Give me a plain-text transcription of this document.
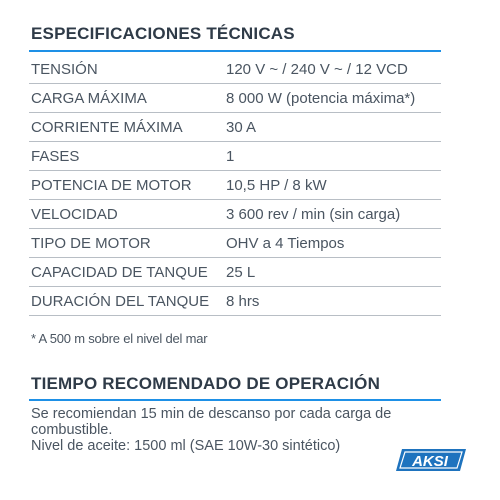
ESPECIFICACIONES TÉCNICAS
TENSIÓN	120 V ~ / 240 V ~ / 12 VCD
CARGA MÁXIMA	8 000 W (potencia máxima*)
CORRIENTE MÁXIMA	30 A
FASES	1
POTENCIA DE MOTOR	10,5 HP / 8 kW
VELOCIDAD	3 600 rev / min (sin carga)
TIPO DE MOTOR	OHV a 4 Tiempos
CAPACIDAD DE TANQUE	25 L
DURACIÓN DEL TANQUE	8 hrs
* A 500 m sobre el nivel del mar
TIEMPO RECOMENDADO DE OPERACIÓN
Se recomiendan 15 min de descanso por cada carga de
combustible.
Nivel de aceite: 1500 ml (SAE 10W-30 sintético)
AKSI
